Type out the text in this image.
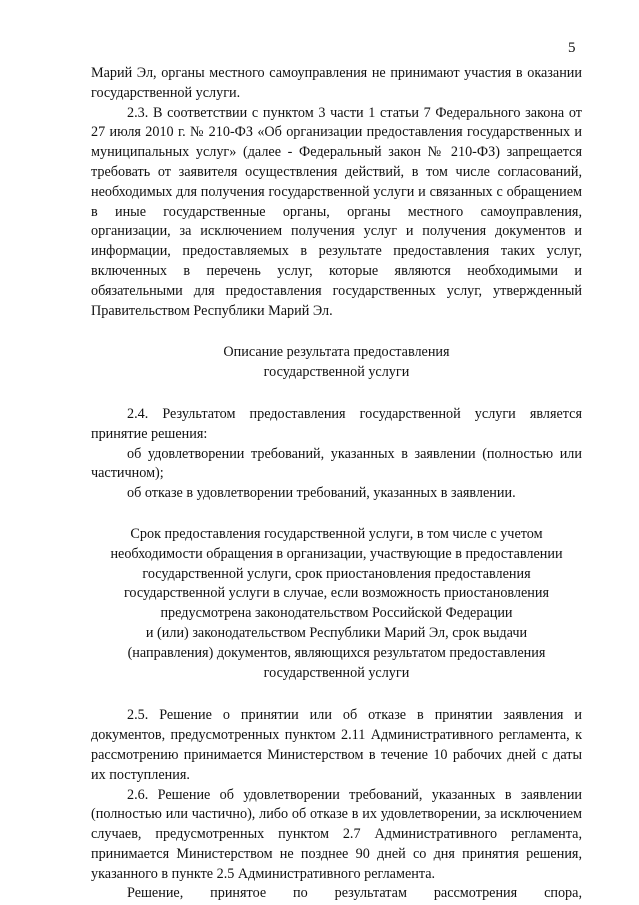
5

Марий Эл, органы местного самоуправления не принимают участия в оказании государственной услуги.

2.3. В соответствии с пунктом 3 части 1 статьи 7 Федерального закона от 27 июля 2010 г. № 210-ФЗ «Об организации предоставления государственных и муниципальных услуг» (далее - Федеральный закон № 210-ФЗ) запрещается требовать от заявителя осуществления действий, в том числе согласований, необходимых для получения государственной услуги и связанных с обращением в иные государственные органы, органы местного самоуправления, организации, за исключением получения услуг и получения документов и информации, предоставляемых в результате предоставления таких услуг, включенных в перечень услуг, которые являются необходимыми и обязательными для предоставления государственных услуг, утвержденный Правительством Республики Марий Эл.

Описание результата предоставления

государственной услуги

2.4. Результатом предоставления государственной услуги является принятие решения:

об удовлетворении требований, указанных в заявлении (полностью или частичном);

об отказе в удовлетворении требований, указанных в заявлении.

Срок предоставления государственной услуги, в том числе с учетом

необходимости обращения в организации, участвующие в предоставлении

государственной услуги, срок приостановления предоставления

государственной услуги в случае, если возможность приостановления

предусмотрена законодательством Российской Федерации

и (или) законодательством Республики Марий Эл, срок выдачи

(направления) документов, являющихся результатом предоставления

государственной услуги

2.5. Решение о принятии или об отказе в принятии заявления и документов, предусмотренных пунктом 2.11 Административного регламента, к рассмотрению принимается Министерством в течение 10 рабочих дней с даты их поступления.

2.6. Решение об удовлетворении требований, указанных в заявлении (полностью или частично), либо об отказе в их удовлетворении, за исключением случаев, предусмотренных пунктом 2.7 Административного регламента, принимается Министерством не позднее 90 дней со дня принятия решения, указанного в пункте 2.5 Административного регламента.

Решение, принятое по результатам рассмотрения спора,
